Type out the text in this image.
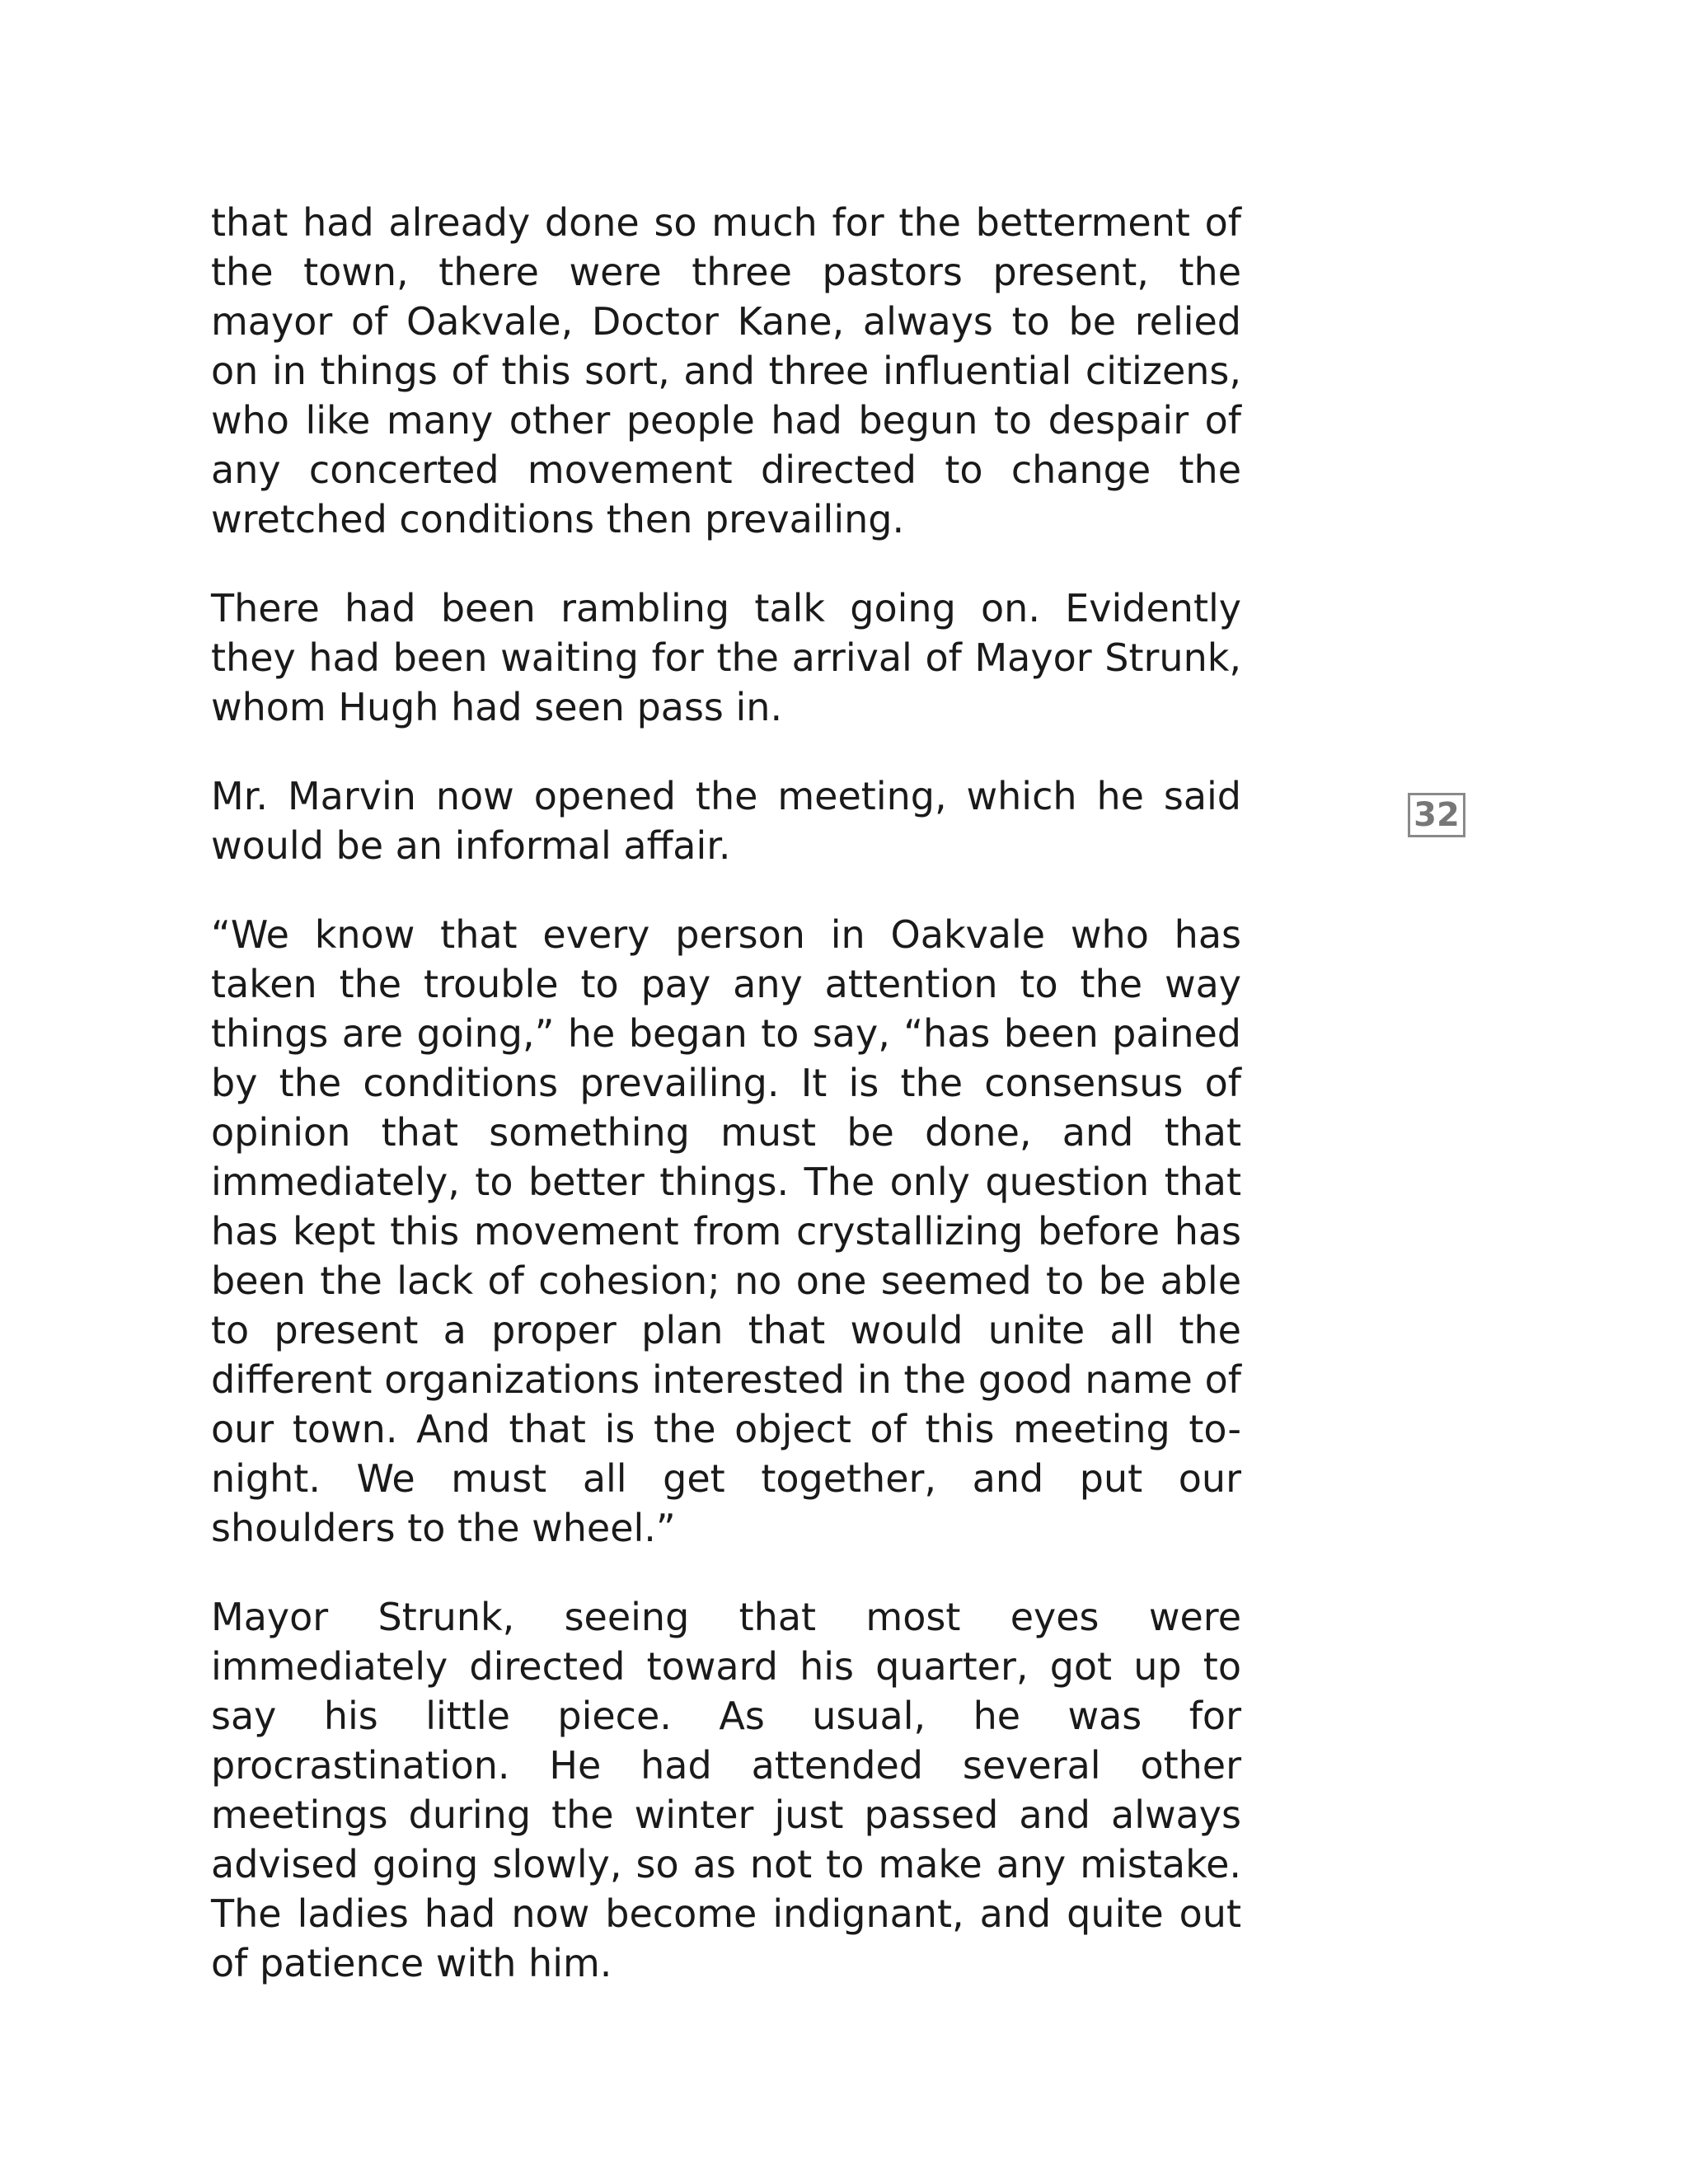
that had already done so much for the betterment of the town, there were three pastors present, the mayor of Oakvale, Doctor Kane, always to be relied on in things of this sort, and three influential citizens, who like many other people had begun to despair of any concerted movement directed to change the wretched conditions then prevailing.

There had been rambling talk going on. Evidently they had been waiting for the arrival of Mayor Strunk, whom Hugh had seen pass in.

Mr. Marvin now opened the meeting, which he said would be an informal affair.

“We know that every person in Oakvale who has taken the trouble to pay any attention to the way things are going,” he began to say, “has been pained by the conditions prevailing. It is the consensus of opinion that something must be done, and that immediately, to better things. The only question that has kept this movement from crystallizing before has been the lack of cohesion; no one seemed to be able to present a proper plan that would unite all the different organizations interested in the good name of our town. And that is the object of this meeting to-night. We must all get together, and put our shoulders to the wheel.”

Mayor Strunk, seeing that most eyes were immediately directed toward his quarter, got up to say his little piece. As usual, he was for procrastination. He had attended several other meetings during the winter just passed and always advised going slowly, so as not to make any mistake. The ladies had now become indignant, and quite out of patience with him.

32
